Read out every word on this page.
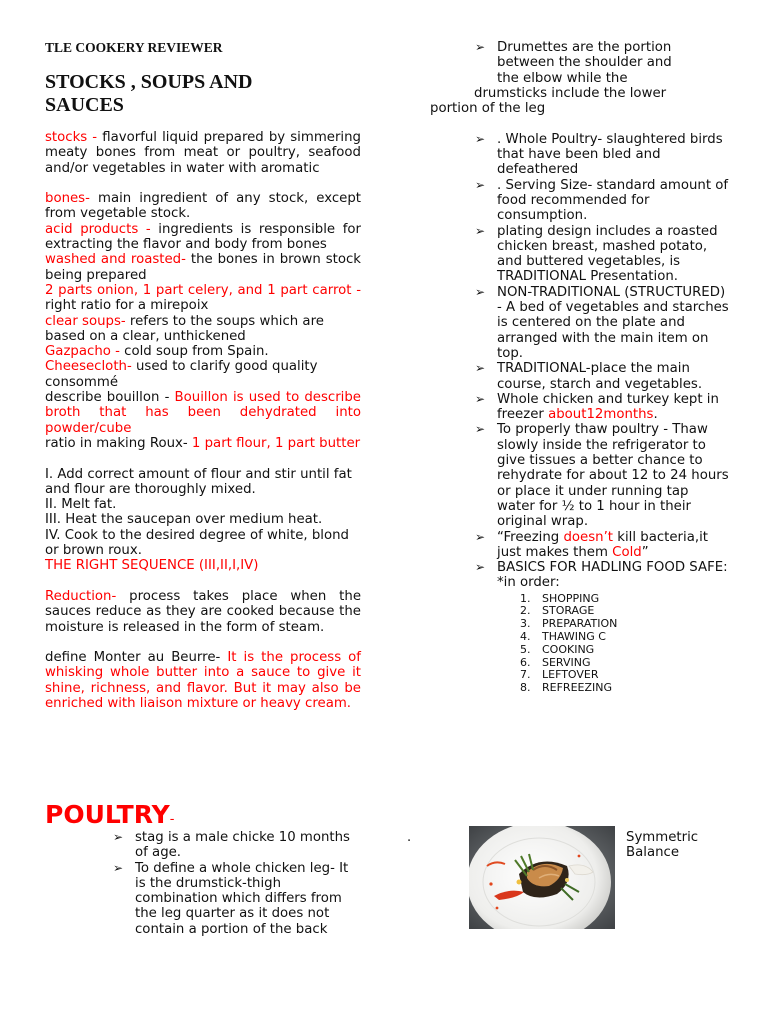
TLE COOKERY REVIEWER

STOCKS , SOUPS AND
SAUCES

stocks - flavorful liquid prepared by simmering meaty bones from meat or poultry, seafood and/or vegetables in water with aromatic

bones- main ingredient of any stock, except from vegetable stock.

acid products - ingredients is responsible for extracting the flavor and body from bones

washed and roasted- the bones in brown stock being prepared

2 parts onion, 1 part celery, and 1 part carrot - right ratio for a mirepoix

clear soups- refers to the soups which are based on a clear, unthickened

Gazpacho - cold soup from Spain.

Cheesecloth- used to clarify good quality consommé

describe bouillon - Bouillon is used to describe broth that has been dehydrated into powder/cube

ratio in making Roux- 1 part flour, 1 part butter

I. Add correct amount of flour and stir until fat and flour are thoroughly mixed.

II. Melt fat.

III. Heat the saucepan over medium heat.

IV. Cook to the desired degree of white, blond or brown roux.

THE RIGHT SEQUENCE (III,II,I,IV)

Reduction- process takes place when the sauces reduce as they are cooked because the moisture is released in the form of steam.

define Monter au Beurre- It is the process of whisking whole butter into a sauce to give it shine, richness, and flavor. But it may also be enriched with liaison mixture or heavy cream.

POULTRY-
➢ stag is a male chicke 10 months of age.
➢ To define a whole chicken leg- It is the drumstick-thigh combination which differs from the leg quarter as it does not contain a portion of the back
➢ Drumettes are the portion
between the shoulder and
the elbow while the
drumsticks include the lower
portion of the leg
➢ . Whole Poultry- slaughtered birds that have been bled and defeathered
➢ . Serving Size- standard amount of food recommended for consumption.
➢ plating design includes a roasted chicken breast, mashed potato, and buttered vegetables, is TRADITIONAL Presentation.
➢ NON-TRADITIONAL (STRUCTURED) - A bed of vegetables and starches is centered on the plate and arranged with the main item on top.
➢ TRADITIONAL-place the main course, starch and vegetables.
➢ Whole chicken and turkey kept in freezer about12months.
➢ To properly thaw poultry - Thaw slowly inside the refrigerator to give tissues a better chance to rehydrate for about 12 to 24 hours or place it under running tap water for ½ to 1 hour in their original wrap.
➢ “Freezing doesn’t kill bacteria,it just makes them Cold”
➢ BASICS FOR HADLING FOOD SAFE: *in order:
1. SHOPPING
2. STORAGE
3. PREPARATION
4. THAWING C
5. COOKING
6. SERVING
7. LEFTOVER
8. REFREEZING
.	Symmetric
Balance
